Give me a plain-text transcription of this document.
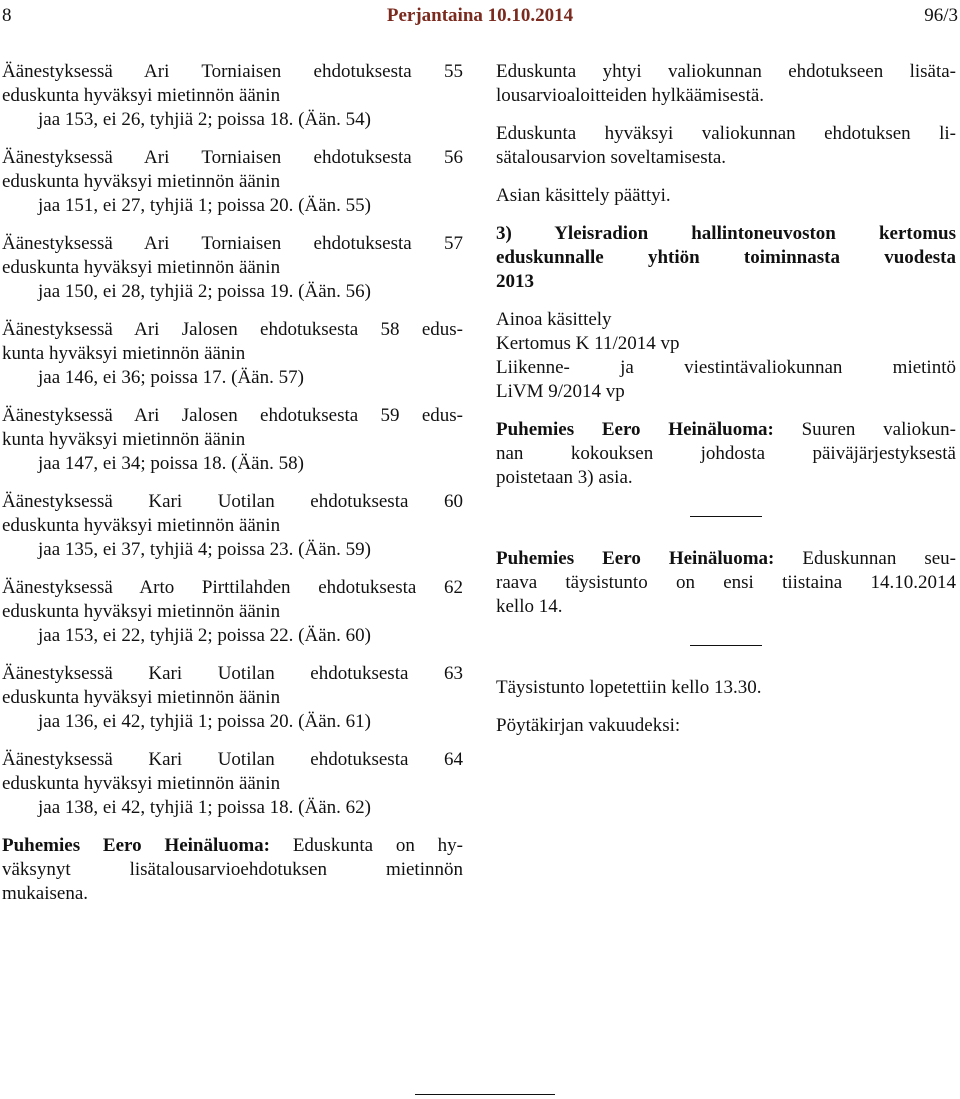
8	Perjantaina 10.10.2014	96/3
Äänestyksessä Ari Torniaisen ehdotuksesta 55
eduskunta hyväksyi mietinnön äänin
jaa 153, ei 26, tyhjiä 2; poissa 18. (Ään. 54)
Äänestyksessä Ari Torniaisen ehdotuksesta 56
eduskunta hyväksyi mietinnön äänin
jaa 151, ei 27, tyhjiä 1; poissa 20. (Ään. 55)
Äänestyksessä Ari Torniaisen ehdotuksesta 57
eduskunta hyväksyi mietinnön äänin
jaa 150, ei 28, tyhjiä 2; poissa 19. (Ään. 56)
Äänestyksessä Ari Jalosen ehdotuksesta 58 edus-
kunta hyväksyi mietinnön äänin
jaa 146, ei 36; poissa 17. (Ään. 57)
Äänestyksessä Ari Jalosen ehdotuksesta 59 edus-
kunta hyväksyi mietinnön äänin
jaa 147, ei 34; poissa 18. (Ään. 58)
Äänestyksessä Kari Uotilan ehdotuksesta 60
eduskunta hyväksyi mietinnön äänin
jaa 135, ei 37, tyhjiä 4; poissa 23. (Ään. 59)
Äänestyksessä Arto Pirttilahden ehdotuksesta 62
eduskunta hyväksyi mietinnön äänin
jaa 153, ei 22, tyhjiä 2; poissa 22. (Ään. 60)
Äänestyksessä Kari Uotilan ehdotuksesta 63
eduskunta hyväksyi mietinnön äänin
jaa 136, ei 42, tyhjiä 1; poissa 20. (Ään. 61)
Äänestyksessä Kari Uotilan ehdotuksesta 64
eduskunta hyväksyi mietinnön äänin
jaa 138, ei 42, tyhjiä 1; poissa 18. (Ään. 62)
Puhemies Eero Heinäluoma: Eduskunta on hy-
väksynyt lisätalousarvioehdotuksen mietinnön
mukaisena.
Eduskunta yhtyi valiokunnan ehdotukseen lisäta-
lousarvioaloitteiden hylkäämisestä.
Eduskunta hyväksyi valiokunnan ehdotuksen li-
sätalousarvion soveltamisesta.
Asian käsittely päättyi.
3) Yleisradion hallintoneuvoston kertomus
eduskunnalle yhtiön toiminnasta vuodesta
2013
Ainoa käsittely
Kertomus K 11/2014 vp
Liikenne- ja viestintävaliokunnan mietintö
LiVM 9/2014 vp
Puhemies Eero Heinäluoma: Suuren valiokun-
nan kokouksen johdosta päiväjärjestyksestä
poistetaan 3) asia.
Puhemies Eero Heinäluoma: Eduskunnan seu-
raava täysistunto on ensi tiistaina 14.10.2014
kello 14.
Täysistunto lopetettiin kello 13.30.
Pöytäkirjan vakuudeksi:
